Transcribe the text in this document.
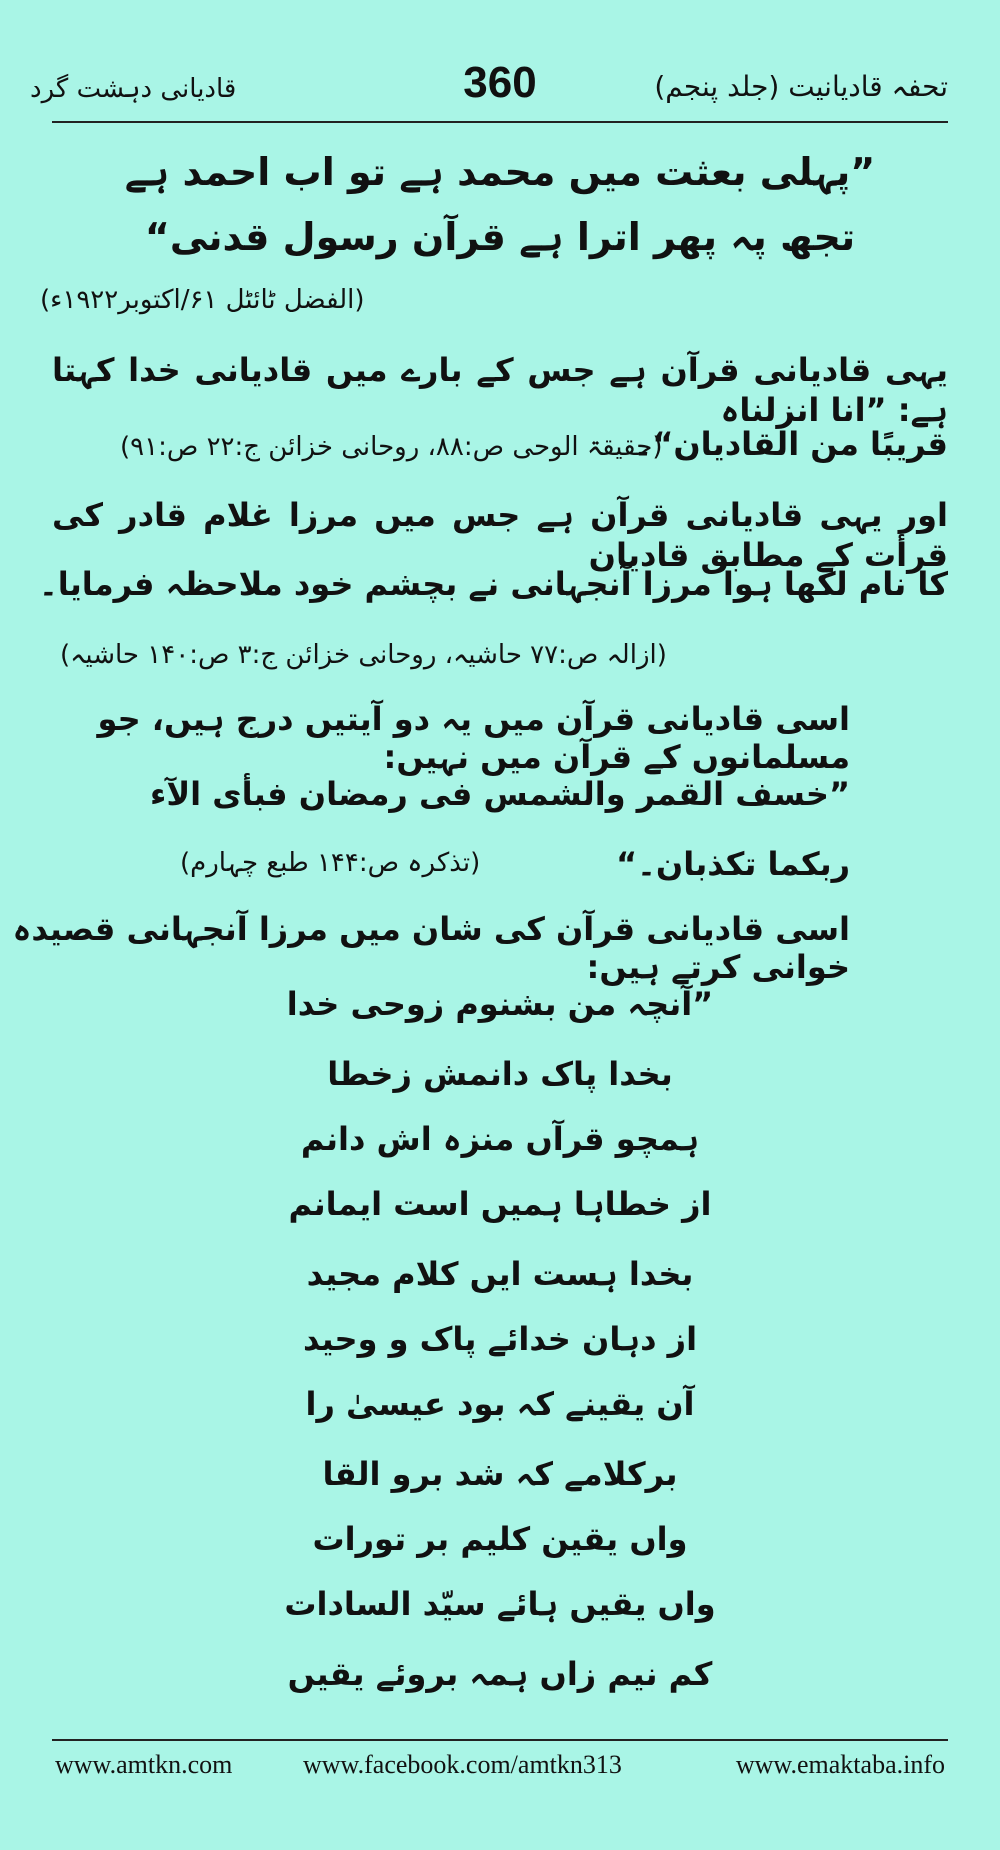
تحفہ قادیانیت (جلد پنجم)
360
قادیانی دہشت گرد
”پہلی بعثت میں محمد ہے تو اب احمد ہے
تجھ پہ پھر اترا ہے قرآن رسول قدنی“
(الفضل ٹائٹل ۶۱/اکتوبر۱۹۲۲ء)
یہی قادیانی قرآن ہے جس کے بارے میں قادیانی خدا کہتا ہے: ”انا انزلناہ
قریبًا من القادیان“۔
(حقیقۃ الوحی ص:۸۸، روحانی خزائن ج:۲۲ ص:۹۱)
اور یہی قادیانی قرآن ہے جس میں مرزا غلام قادر کی قرأت کے مطابق قادیان
کا نام لکھا ہوا مرزا آنجہانی نے بچشم خود ملاحظہ فرمایا۔
(ازالہ ص:۷۷ حاشیہ، روحانی خزائن ج:۳ ص:۱۴۰ حاشیہ)
اسی قادیانی قرآن میں یہ دو آیتیں درج ہیں، جو مسلمانوں کے قرآن میں نہیں:
”خسف القمر والشمس فی رمضان فبأی الآء
ربکما تکذبان۔“
(تذکرہ ص:۱۴۴ طبع چہارم)
اسی قادیانی قرآن کی شان میں مرزا آنجہانی قصیدہ خوانی کرتے ہیں:
”آنچہ من بشنوم زوحی خدا
بخدا پاک دانمش زخطا
ہمچو قرآں منزہ اش دانم
از خطاہا ہمیں است ایمانم
بخدا ہست ایں کلام مجید
از دہان خدائے پاک و وحید
آن یقینے کہ بود عیسیٰ را
برکلامے کہ شد برو القا
واں یقین کلیم بر تورات
واں یقیں ہائے سیّد السادات
کم نیم زاں ہمہ بروئے یقیں
www.amtkn.com	www.facebook.com/amtkn313	www.emaktaba.info
